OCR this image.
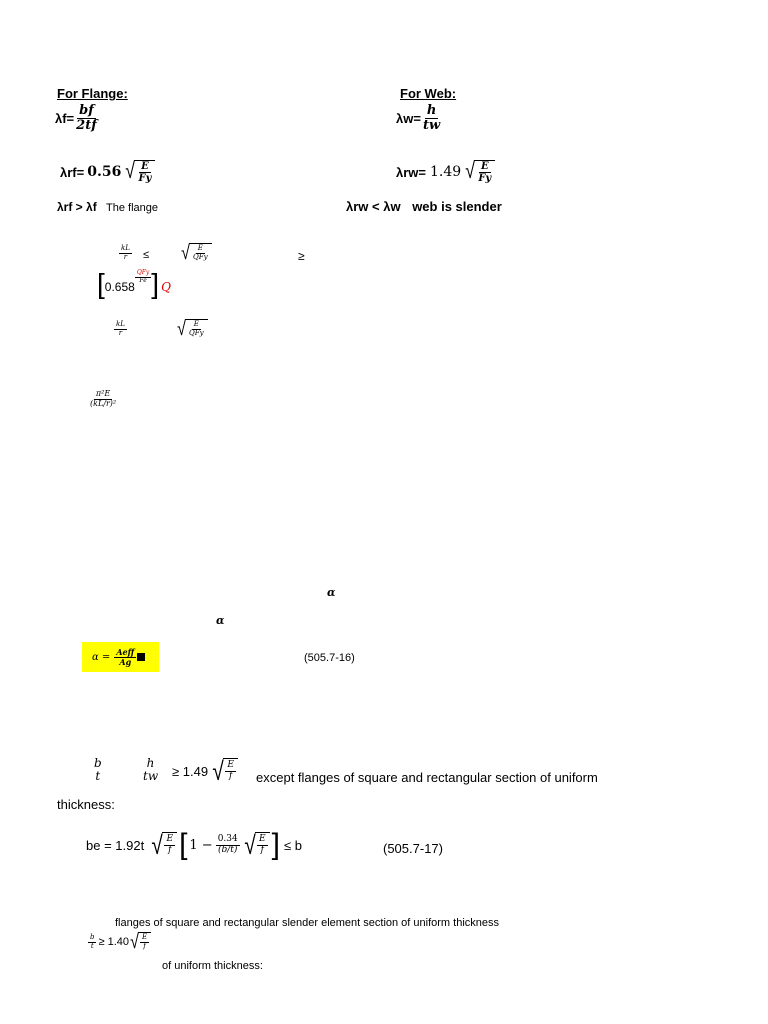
For Flange:
$\lambda f= \frac{bf}{2tf}$
λrf= 0.56 √ $\frac{E}{Fy}$
λrf > λf The flange
For Web:
$\lambda w= \frac{h}{tw}$
λrw= 1.49 √ $\frac{E}{Fy}$
λrw < λw web is slender
$\frac{kL}{r}$ ≤ √ $\frac{E}{\text{QFy}}$	≥
[ 0.658
$\frac{\text{QFy}}{Fe}$ ] Q
$\frac{kL}{r}$	√ $\frac{E}{\text{QFy}}$
$\frac{\text{π²E}}{\text{(kL/r)²}}$
α
α
$\alpha = \frac{\text{Aeff}}{Ag}$	(505.7-16)
b
t
h
tw ≥ 1.49 √ $\frac{E}{f}$ except flanges of square and rectangular section of uniform
thickness:
be = 1.92t √ $\frac{E}{f}$ [ $1 - \frac{0.34}{(b/t)}$ √ $\frac{E}{f}$ ] ≤ b	(505.7-17)
flanges of square and rectangular slender element section of uniform thickness
$\frac{b}{t} \ge 1.40$ √ $\frac{E}{f}$
of uniform thickness:
